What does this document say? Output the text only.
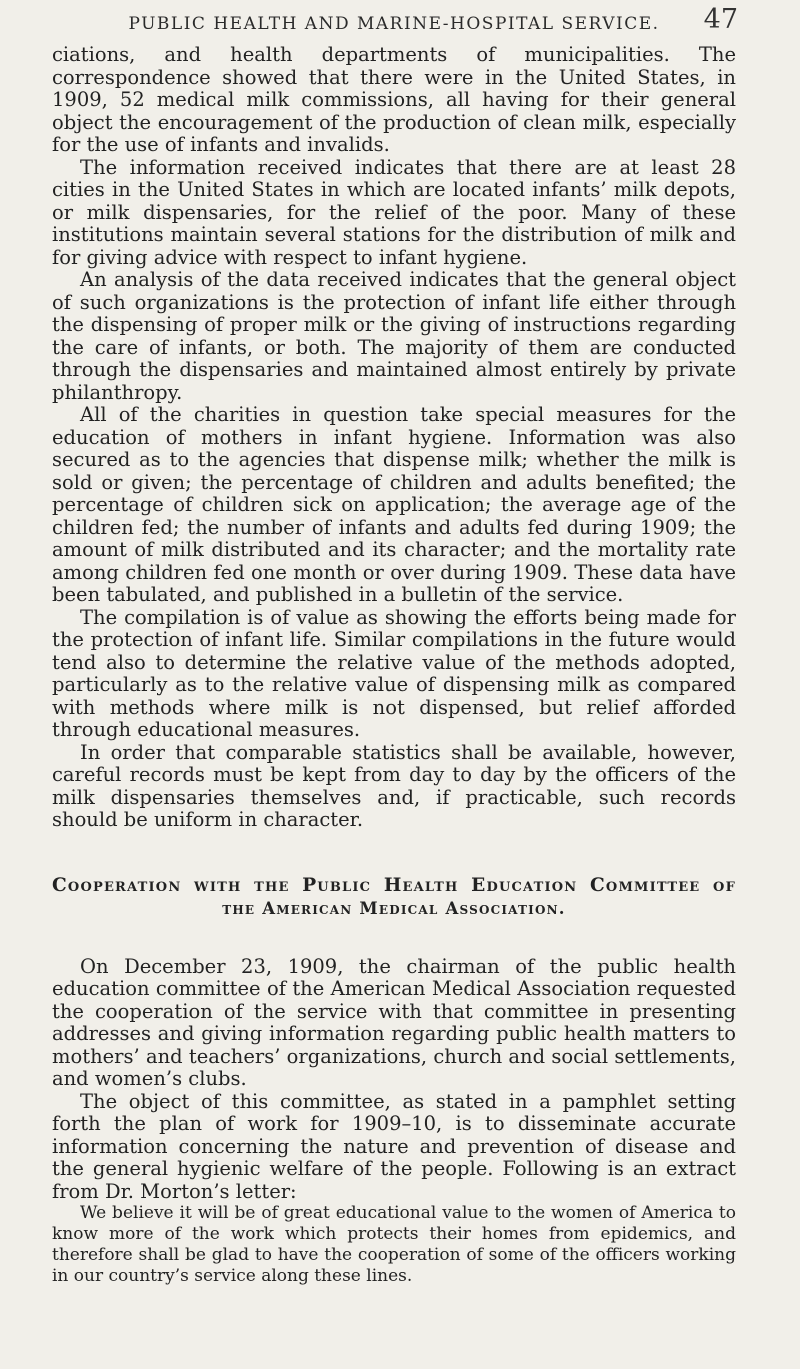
PUBLIC HEALTH AND MARINE-HOSPITAL SERVICE.	47

ciations, and health departments of municipalities. The correspondence showed that there were in the United States, in 1909, 52 medical milk commissions, all having for their general object the encouragement of the production of clean milk, especially for the use of infants and invalids.

The information received indicates that there are at least 28 cities in the United States in which are located infants’ milk depots, or milk dispensaries, for the relief of the poor. Many of these institutions maintain several stations for the distribution of milk and for giving advice with respect to infant hygiene.

An analysis of the data received indicates that the general object of such organizations is the protection of infant life either through the dispensing of proper milk or the giving of instructions regarding the care of infants, or both. The majority of them are conducted through the dispensaries and maintained almost entirely by private philanthropy.

All of the charities in question take special measures for the education of mothers in infant hygiene. Information was also secured as to the agencies that dispense milk; whether the milk is sold or given; the percentage of children and adults benefited; the percentage of children sick on application; the average age of the children fed; the number of infants and adults fed during 1909; the amount of milk distributed and its character; and the mortality rate among children fed one month or over during 1909. These data have been tabulated, and published in a bulletin of the service.

The compilation is of value as showing the efforts being made for the protection of infant life. Similar compilations in the future would tend also to determine the relative value of the methods adopted, particularly as to the relative value of dispensing milk as compared with methods where milk is not dispensed, but relief afforded through educational measures.

In order that comparable statistics shall be available, however, careful records must be kept from day to day by the officers of the milk dispensaries themselves and, if practicable, such records should be uniform in character.

Cooperation with the Public Health Education Committee of
the American Medical Association.

On December 23, 1909, the chairman of the public health education committee of the American Medical Association requested the cooperation of the service with that committee in presenting addresses and giving information regarding public health matters to mothers’ and teachers’ organizations, church and social settlements, and women’s clubs.

The object of this committee, as stated in a pamphlet setting forth the plan of work for 1909–10, is to disseminate accurate information concerning the nature and prevention of disease and the general hygienic welfare of the people. Following is an extract from Dr. Morton’s letter:

We believe it will be of great educational value to the women of America to know more of the work which protects their homes from epidemics, and therefore shall be glad to have the cooperation of some of the officers working in our country’s service along these lines.
